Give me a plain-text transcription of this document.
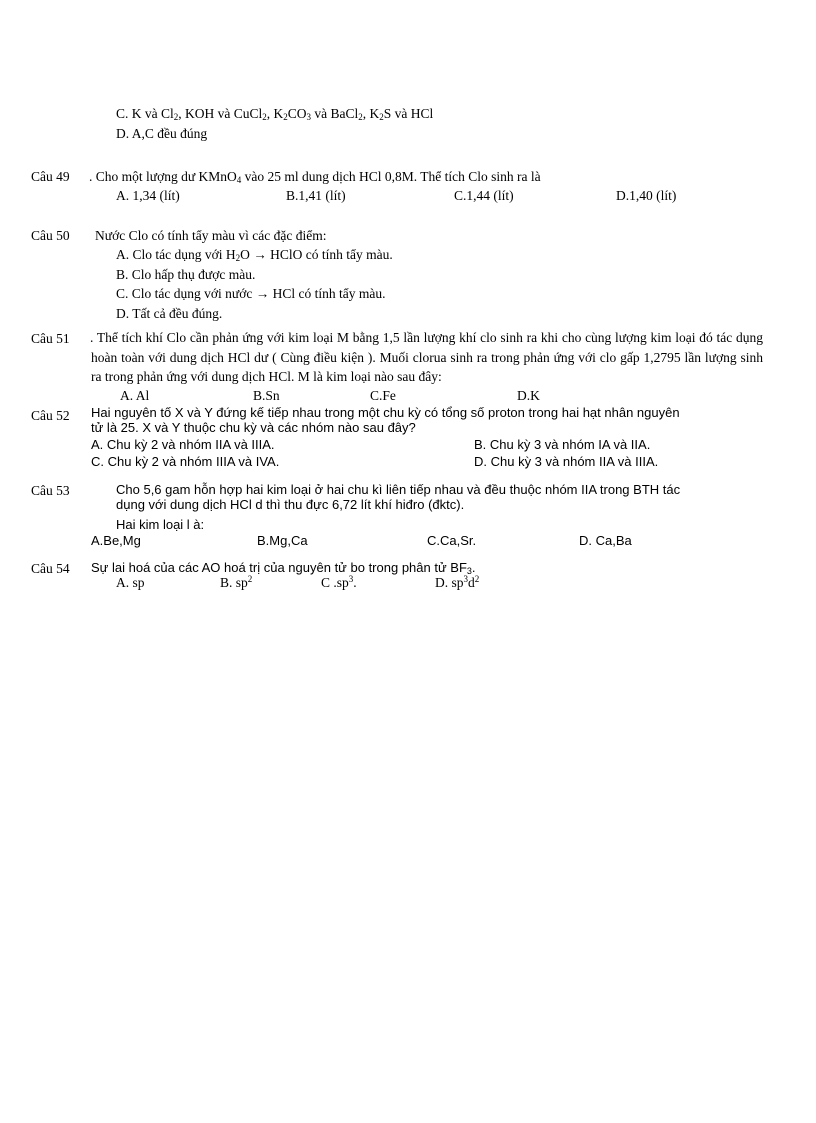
C. K và $Cl_2$, KOH và CuCl$_2$, $K_2CO_3$ và BaCl$_2$, $K_2S$ và HCl
D. A,C đều đúng
Câu 49 . Cho một lượng dư KMnO$_4$ vào 25 ml dung dịch HCl 0,8M. Thể tích Clo sinh ra là
A. 1,34 (lít)	B.1,41 (lít)	C.1,44 (lít)	D.1,40 (lít)
Câu 50 Nước Clo có tính tẩy màu vì các đặc điểm:
A. Clo tác dụng với $H_2O$ → HClO có tính tẩy màu.
B. Clo hấp thụ được màu.
C. Clo tác dụng với nước → HCl có tính tẩy màu.
D. Tất cả đều đúng.
Câu 51 . Thể tích khí Clo cần phản ứng với kim loại M bằng 1,5 lần lượng khí clo sinh ra khi cho cùng lượng kim loại đó tác dụng hoàn toàn với dung dịch HCl dư ( Cùng điều kiện ). Muối clorua sinh ra trong phản ứng với clo gấp 1,2795 lần lượng sinh ra trong phản ứng với dung dịch HCl. M là kim loại nào sau đây:
A. Al	B.Sn	C.Fe	D.K
Câu 52 Hai nguyên tố X và Y đứng kế tiếp nhau trong một chu kỳ có tổng số proton trong hai hạt nhân nguyên
tử là 25. X và Y thuộc chu kỳ và các nhóm nào sau đây?
A. Chu kỳ 2 và nhóm IIA và IIIA.	B. Chu kỳ 3 và nhóm IA và IIA.
C. Chu kỳ 2 và nhóm IIIA và IVA.	D. Chu kỳ 3 và nhóm IIA và IIIA.
Câu 53	Cho 5,6 gam hỗn hợp hai kim loại ở hai chu kì liên tiếp nhau và đều thuộc nhóm IIA trong BTH tác
dụng với dung dịch HCl d thì thu đực 6,72 lít khí hiđro (đktc).
Hai kim loại l à:
A.Be,Mg	B.Mg,Ca	C.Ca,Sr.	D. Ca,Ba
Câu 54 Sự lai hoá của các AO hoá trị của nguyên tử bo trong phân tử $BF_3$.
A. sp	B. $sp^2$	C $.sp^3$.	D. $sp^3d^2$
